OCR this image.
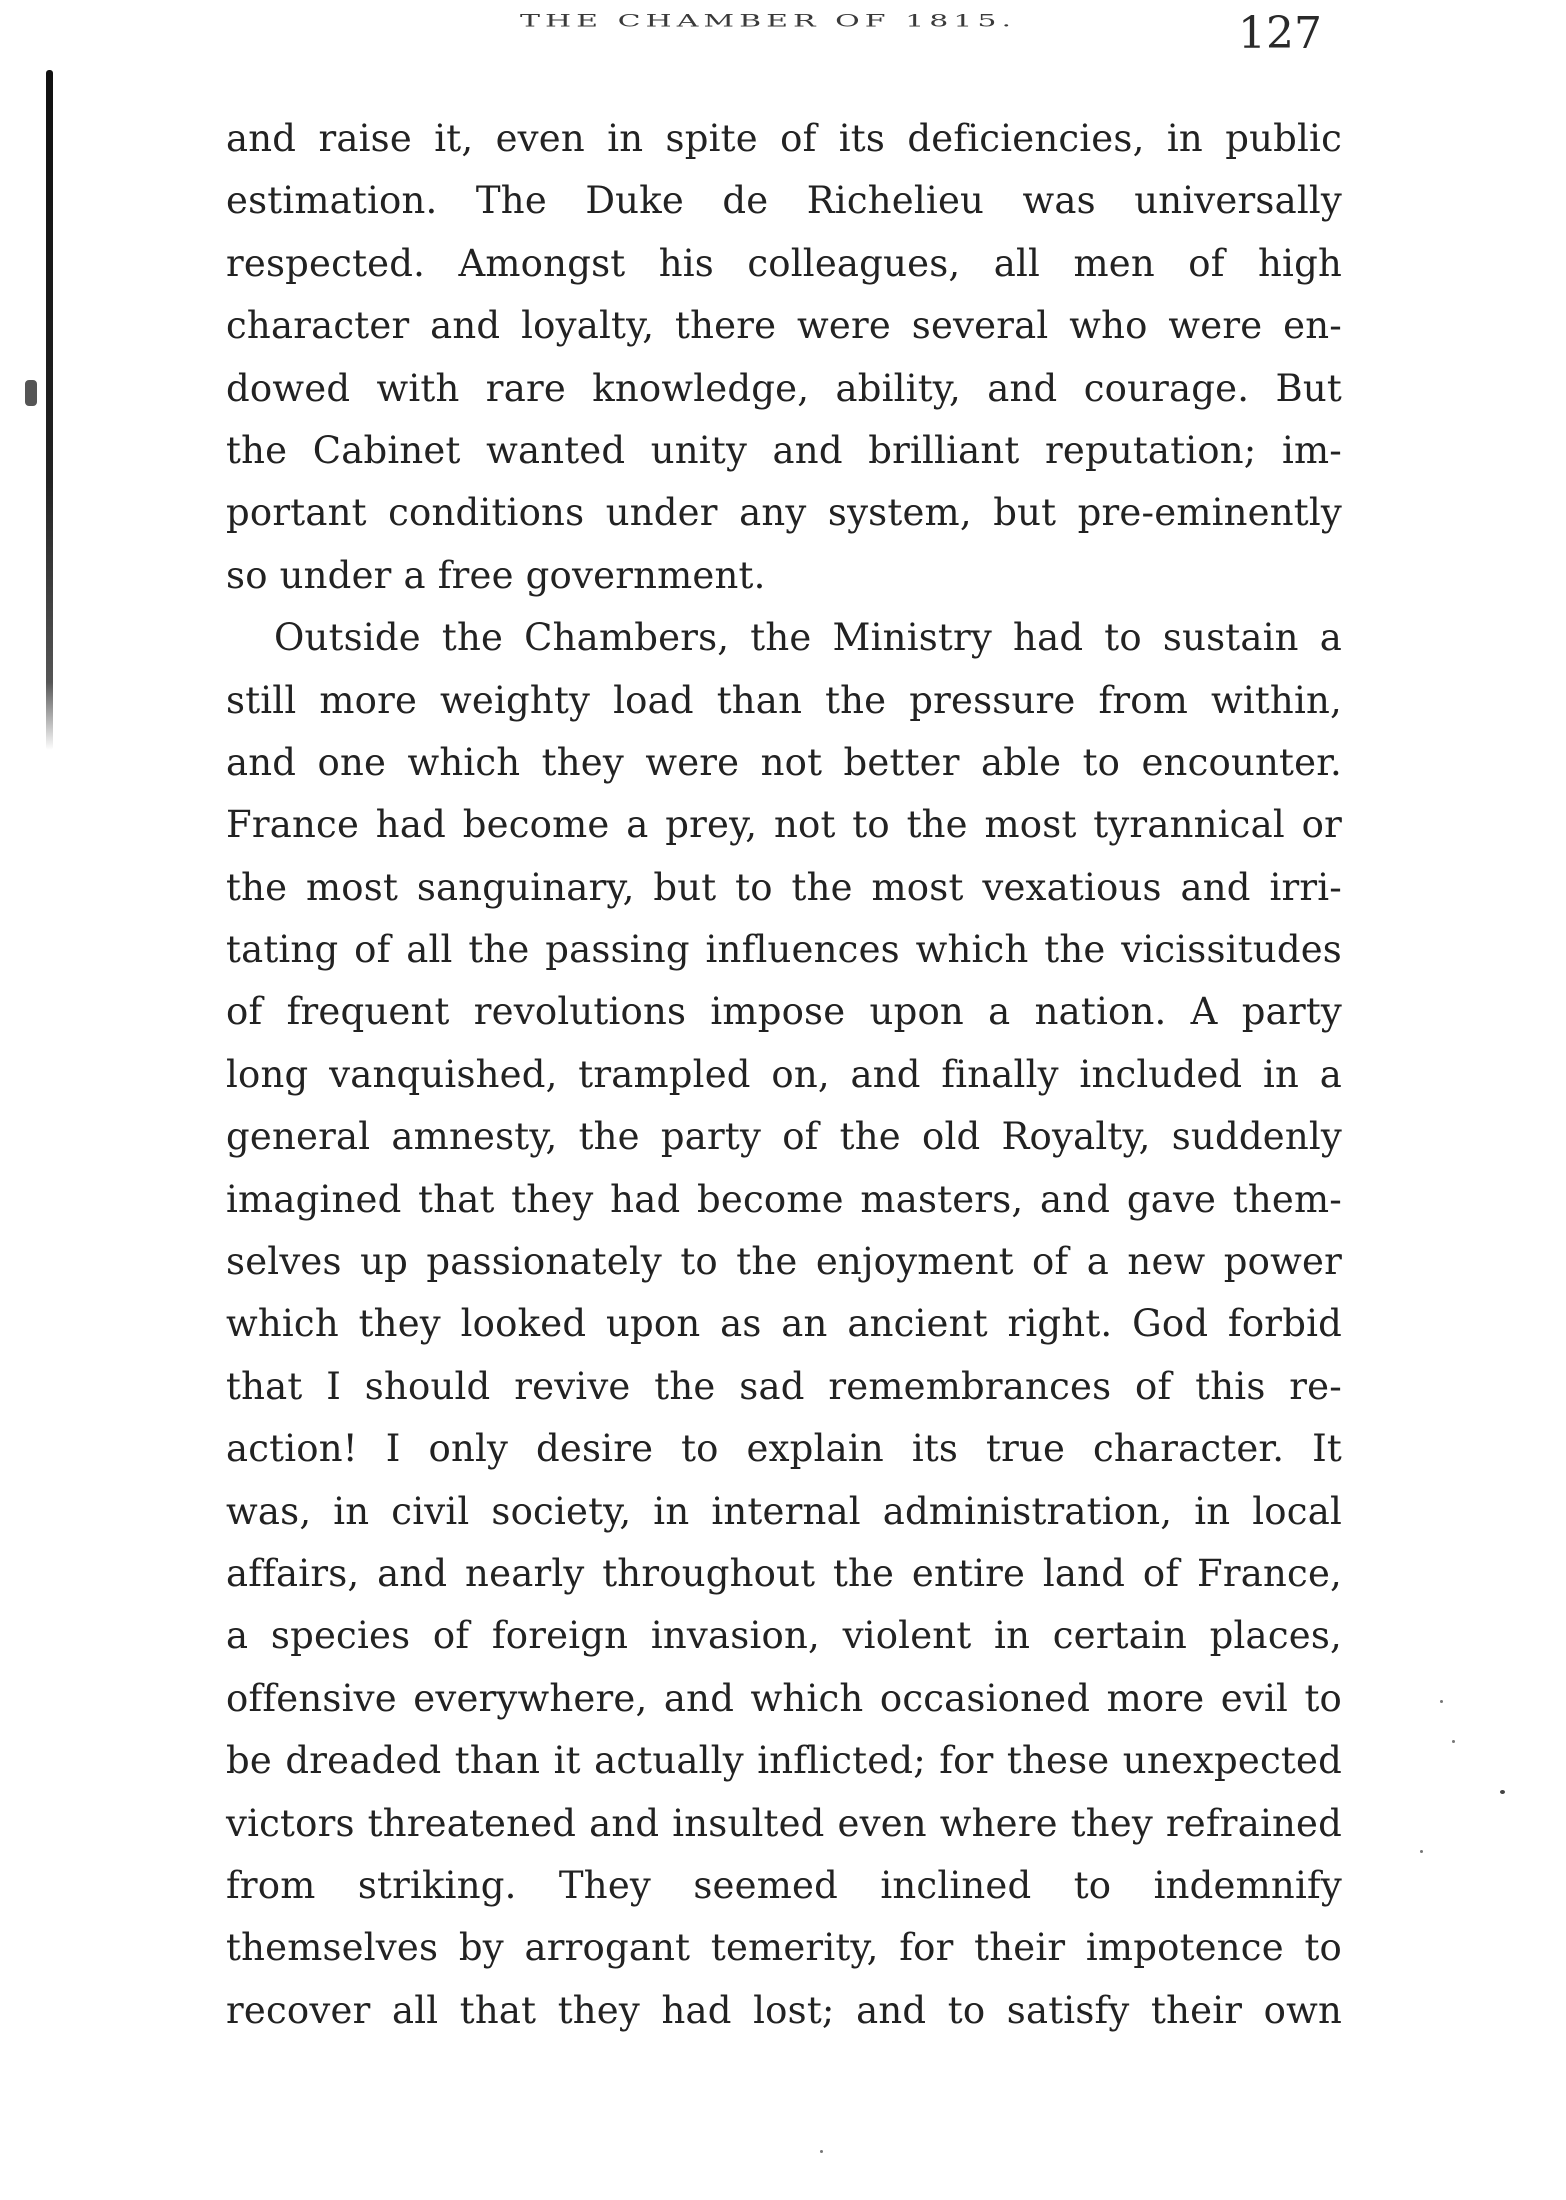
THE CHAMBER OF 1815.	127
and raise it, even in spite of its deficiencies, in public
estimation. The Duke de Richelieu was universally
respected. Amongst his colleagues, all men of high
character and loyalty, there were several who were en-
dowed with rare knowledge, ability, and courage. But
the Cabinet wanted unity and brilliant reputation; im-
portant conditions under any system, but pre-eminently
so under a free government.
Outside the Chambers, the Ministry had to sustain a
still more weighty load than the pressure from within,
and one which they were not better able to encounter.
France had become a prey, not to the most tyrannical or
the most sanguinary, but to the most vexatious and irri-
tating of all the passing influences which the vicissitudes
of frequent revolutions impose upon a nation. A party
long vanquished, trampled on, and finally included in a
general amnesty, the party of the old Royalty, suddenly
imagined that they had become masters, and gave them-
selves up passionately to the enjoyment of a new power
which they looked upon as an ancient right. God forbid
that I should revive the sad remembrances of this re-
action! I only desire to explain its true character. It
was, in civil society, in internal administration, in local
affairs, and nearly throughout the entire land of France,
a species of foreign invasion, violent in certain places,
offensive everywhere, and which occasioned more evil to
be dreaded than it actually inflicted; for these unexpected
victors threatened and insulted even where they refrained
from striking. They seemed inclined to indemnify
themselves by arrogant temerity, for their impotence to
recover all that they had lost; and to satisfy their own
